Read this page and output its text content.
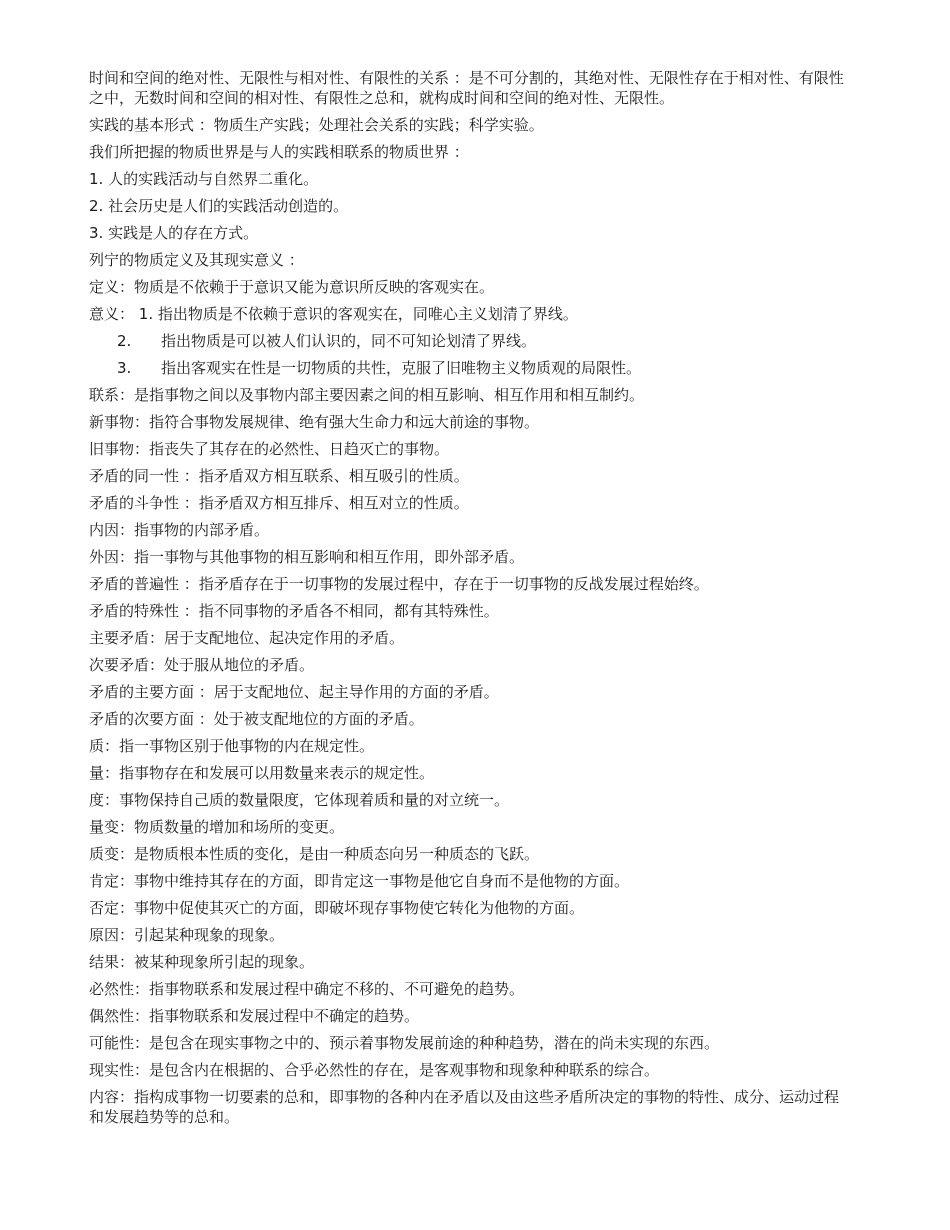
时间和空间的绝对性、无限性与相对性、有限性的关系 ：是不可分割的，其绝对性、无限性存在于相对性、有限性之中，无数时间和空间的相对性、有限性之总和，就构成时间和空间的绝对性、无限性。

实践的基本形式 ：物质生产实践；处理社会关系的实践；科学实验。

我们所把握的物质世界是与人的实践相联系的物质世界 ：

1. 人的实践活动与自然界二重化。

2. 社会历史是人们的实践活动创造的。

3. 实践是人的存在方式。

列宁的物质定义及其现实意义 ：

定义：物质是不依赖于于意识又能为意识所反映的客观实在。

意义： 1. 指出物质是不依赖于意识的客观实在，同唯心主义划清了界线。

2. 指出物质是可以被人们认识的，同不可知论划清了界线。

3. 指出客观实在性是一切物质的共性，克服了旧唯物主义物质观的局限性。

联系：是指事物之间以及事物内部主要因素之间的相互影响、相互作用和相互制约。

新事物：指符合事物发展规律、绝有强大生命力和远大前途的事物。

旧事物：指丧失了其存在的必然性、日趋灭亡的事物。

矛盾的同一性 ：指矛盾双方相互联系、相互吸引的性质。

矛盾的斗争性 ：指矛盾双方相互排斥、相互对立的性质。

内因：指事物的内部矛盾。

外因：指一事物与其他事物的相互影响和相互作用，即外部矛盾。

矛盾的普遍性 ：指矛盾存在于一切事物的发展过程中，存在于一切事物的反战发展过程始终。

矛盾的特殊性 ：指不同事物的矛盾各不相同，都有其特殊性。

主要矛盾：居于支配地位、起决定作用的矛盾。

次要矛盾：处于服从地位的矛盾。

矛盾的主要方面 ：居于支配地位、起主导作用的方面的矛盾。

矛盾的次要方面 ：处于被支配地位的方面的矛盾。

质：指一事物区别于他事物的内在规定性。

量：指事物存在和发展可以用数量来表示的规定性。

度：事物保持自己质的数量限度，它体现着质和量的对立统一。

量变：物质数量的增加和场所的变更。

质变：是物质根本性质的变化，是由一种质态向另一种质态的飞跃。

肯定：事物中维持其存在的方面，即肯定这一事物是他它自身而不是他物的方面。

否定：事物中促使其灭亡的方面，即破坏现存事物使它转化为他物的方面。

原因：引起某种现象的现象。

结果：被某种现象所引起的现象。

必然性：指事物联系和发展过程中确定不移的、不可避免的趋势。

偶然性：指事物联系和发展过程中不确定的趋势。

可能性：是包含在现实事物之中的、预示着事物发展前途的种种趋势，潜在的尚未实现的东西。

现实性：是包含内在根据的、合乎必然性的存在，是客观事物和现象种种联系的综合。

内容：指构成事物一切要素的总和，即事物的各种内在矛盾以及由这些矛盾所决定的事物的特性、成分、运动过程和发展趋势等的总和。
